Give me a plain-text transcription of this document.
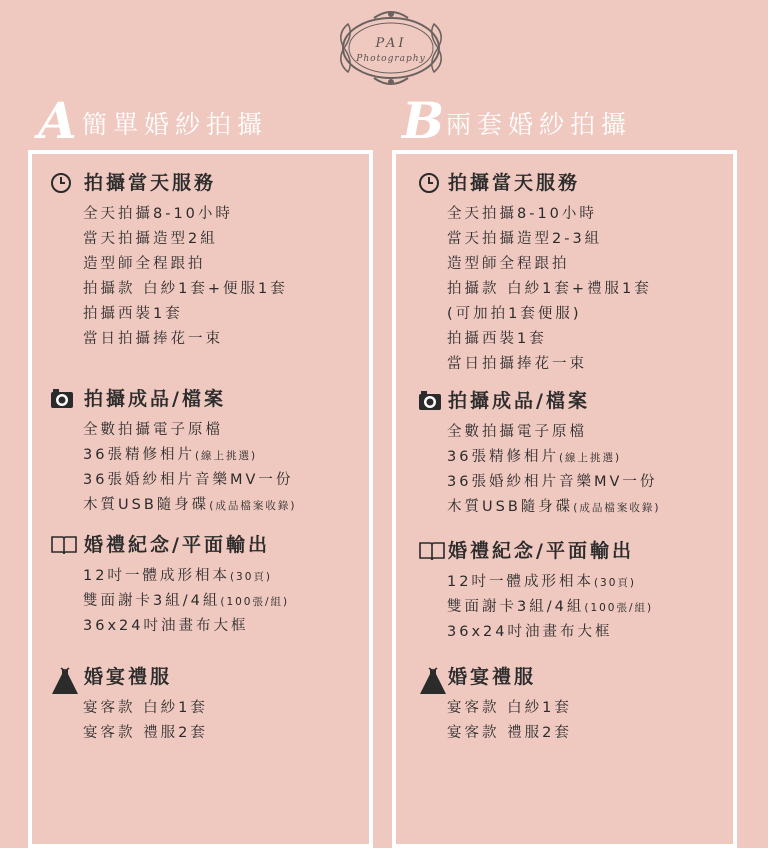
PAI
Photography
A 簡單婚紗拍攝
拍攝當天服務
全天拍攝8-10小時
當天拍攝造型2組
造型師全程跟拍
拍攝款 白紗1套+便服1套
拍攝西裝1套
當日拍攝捧花一束
拍攝成品/檔案
全數拍攝電子原檔
36張精修相片(線上挑選)
36張婚紗相片音樂MV一份
木質USB隨身碟(成品檔案收錄)
婚禮紀念/平面輸出
12吋一體成形相本(30頁)
雙面謝卡3組/4組(100張/組)
36x24吋油畫布大框
婚宴禮服
宴客款 白紗1套
宴客款 禮服2套
B 兩套婚紗拍攝
拍攝當天服務
全天拍攝8-10小時
當天拍攝造型2-3組
造型師全程跟拍
拍攝款 白紗1套+禮服1套
(可加拍1套便服)
拍攝西裝1套
當日拍攝捧花一束
拍攝成品/檔案
全數拍攝電子原檔
36張精修相片(線上挑選)
36張婚紗相片音樂MV一份
木質USB隨身碟(成品檔案收錄)
婚禮紀念/平面輸出
12吋一體成形相本(30頁)
雙面謝卡3組/4組(100張/組)
36x24吋油畫布大框
婚宴禮服
宴客款 白紗1套
宴客款 禮服2套
